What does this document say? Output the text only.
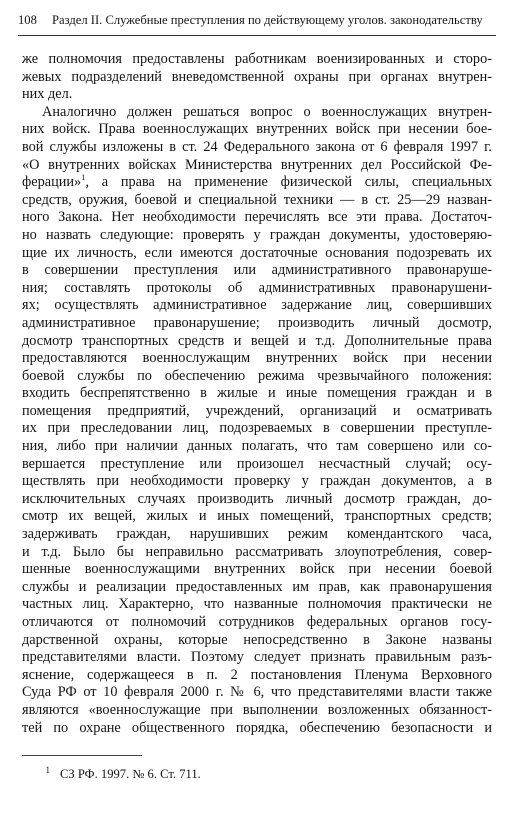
108 Раздел II. Служебные преступления по действующему уголов. законодательству

же полномочия предоставлены работникам военизированных и сторо-
жевых подразделений вневедомственной охраны при органах внутрен-
них дел.

Аналогично должен решаться вопрос о военнослужащих внутрен-
них войск. Права военнослужащих внутренних войск при несении бое-
вой службы изложены в ст. 24 Федерального закона от 6 февраля 1997 г.
«О внутренних войсках Министерства внутренних дел Российской Фе-
ферации»$^1$, а права на применение физической силы, специальных
средств, оружия, боевой и специальной техники — в ст. 25—29 назван-
ного Закона. Нет необходимости перечислять все эти права. Достаточ-
но назвать следующие: проверять у граждан документы, удостоверяю-
щие их личность, если имеются достаточные основания подозревать их
в совершении преступления или административного правонаруше-
ния; составлять протоколы об административных правонарушени-
ях; осуществлять административное задержание лиц, совершивших
административное правонарушение; производить личный досмотр,
досмотр транспортных средств и вещей и т.д. Дополнительные права
предоставляются военнослужащим внутренних войск при несении
боевой службы по обеспечению режима чрезвычайного положения:
входить беспрепятственно в жилые и иные помещения граждан и в
помещения предприятий, учреждений, организаций и осматривать
их при преследовании лиц, подозреваемых в совершении преступле-
ния, либо при наличии данных полагать, что там совершено или со-
вершается преступление или произошел несчастный случай; осу-
ществлять при необходимости проверку у граждан документов, а в
исключительных случаях производить личный досмотр граждан, до-
смотр их вещей, жилых и иных помещений, транспортных средств;
задерживать граждан, нарушивших режим комендантского часа,
и т.д. Было бы неправильно рассматривать злоупотребления, совер-
шенные военнослужащими внутренних войск при несении боевой
службы и реализации предоставленных им прав, как правонарушения
частных лиц. Характерно, что названные полномочия практически не
отличаются от полномочий сотрудников федеральных органов госу-
дарственной охраны, которые непосредственно в Законе названы
представителями власти. Поэтому следует признать правильным разъ-
яснение, содержащееся в п. 2 постановления Пленума Верховного
Суда РФ от 10 февраля 2000 г. № 6, что представителями власти также
являются «военнослужащие при выполнении возложенных обязанност-
тей по охране общественного порядка, обеспечению безопасности и

1 СЗ РФ. 1997. № 6. Ст. 711.
